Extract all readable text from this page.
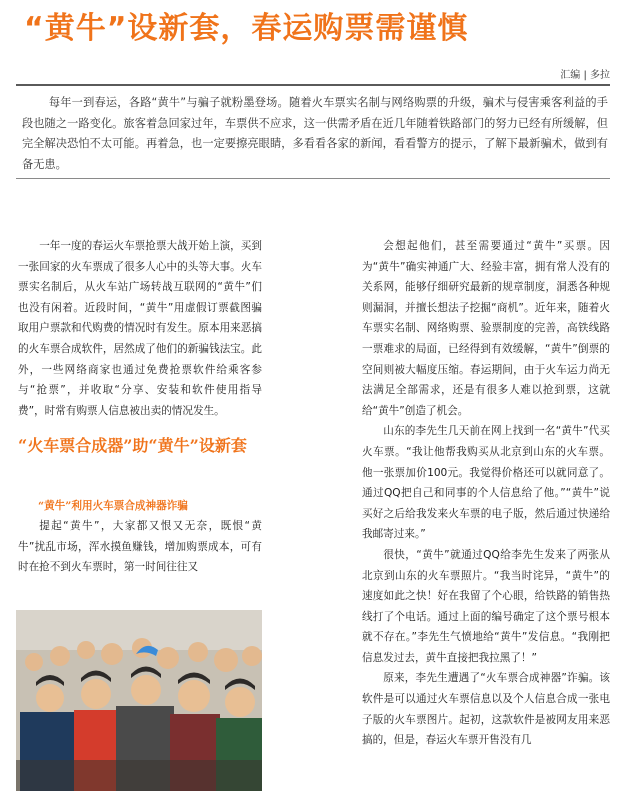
“黄牛”设新套，春运购票需谨慎
汇编 | 多拉

每年一到春运，各路“黄牛”与骗子就粉墨登场。随着火车票实名制与网络购票的升级，骗术与侵害乘客利益的手段也随之一路变化。旅客着急回家过年，车票供不应求，这一供需矛盾在近几年随着铁路部门的努力已经有所缓解，但完全解决恐怕不太可能。再着急，也一定要擦亮眼睛，多看看各家的新闻，看看警方的提示，了解下最新骗术，做到有备无患。

一年一度的春运火车票抢票大战开始上演，买到一张回家的火车票成了很多人心中的头等大事。火车票实名制后，从火车站广场转战互联网的“黄牛”们也没有闲着。近段时间，“黄牛”用虚假订票截图骗取用户票款和代购费的情况时有发生。原本用来恶搞的火车票合成软件，居然成了他们的新骗钱法宝。此外，一些网络商家也通过免费抢票软件给乘客参与“抢票”，并收取“分享、安装和软件使用指导费”，时常有购票人信息被出卖的情况发生。

“火车票合成器”助“黄牛”设新套
“黄牛”利用火车票合成神器诈骗

提起“黄牛”，大家都又恨又无奈，既恨“黄牛”扰乱市场，浑水摸鱼赚钱，增加购票成本，可有时在抢不到火车票时，第一时间往往又

会想起他们，甚至需要通过“黄牛”买票。因为“黄牛”确实神通广大、经验丰富，拥有常人没有的关系网，能够仔细研究最新的规章制度，洞悉各种规则漏洞，并擅长想法子挖掘“商机”。近年来，随着火车票实名制、网络购票、验票制度的完善，高铁线路一票难求的局面，已经得到有效缓解，“黄牛”倒票的空间则被大幅度压缩。春运期间，由于火车运力尚无法满足全部需求，还是有很多人难以抢到票，这就给“黄牛”创造了机会。

山东的李先生几天前在网上找到一名“黄牛”代买火车票。“我让他帮我购买从北京到山东的火车票。他一张票加价100元。我觉得价格还可以就同意了。通过QQ把自己和同事的个人信息给了他。”“黄牛”说买好之后给我发来火车票的电子版，然后通过快递给我邮寄过来。”

很快，“黄牛”就通过QQ给李先生发来了两张从北京到山东的火车票照片。“我当时诧异，“黄牛”的速度如此之快！好在我留了个心眼，给铁路的销售热线打了个电话。通过上面的编号确定了这个票号根本就不存在。”李先生气愤地给“黄牛”发信息。“我刚把信息发过去，黄牛直接把我拉黑了！”

原来，李先生遭遇了“火车票合成神器”诈骗。该软件是可以通过火车票信息以及个人信息合成一张电子版的火车票图片。起初，这款软件是被网友用来恶搞的，但是，春运火车票开售没有几
